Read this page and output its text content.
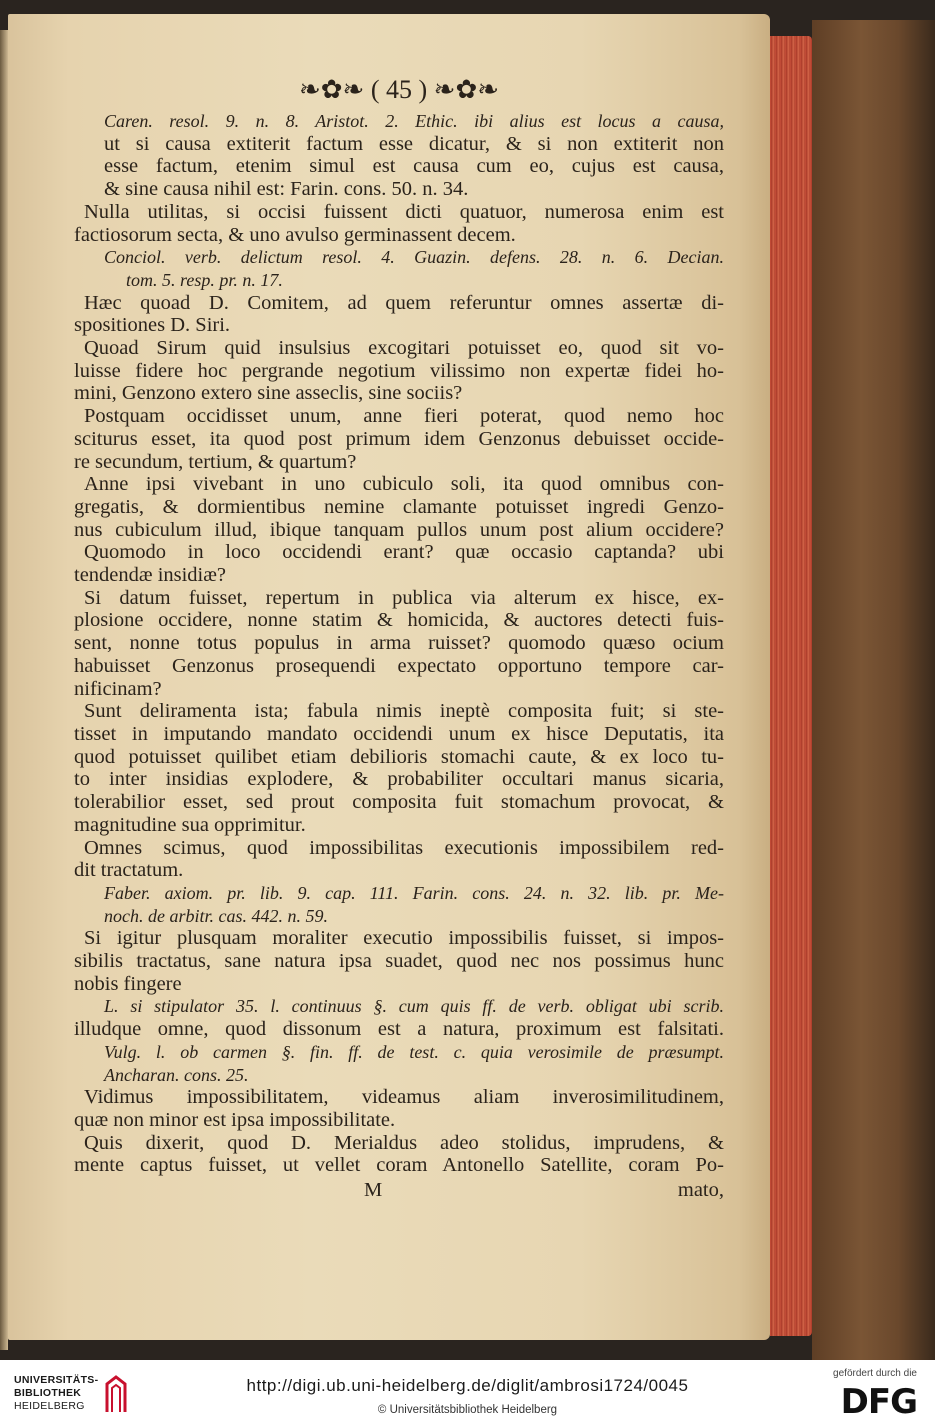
❧✿❧ ( 45 ) ❧✿❧
Caren. resol. 9. n. 8. Aristot. 2. Ethic. ibi alius est locus a causa,
ut si causa extiterit factum esse dicatur, & si non extiterit non
esse factum, etenim simul est causa cum eo, cujus est causa,
& sine causa nihil est: Farin. cons. 50. n. 34.
Nulla utilitas, si occisi fuissent dicti quatuor, numerosa enim est
factiosorum secta, & uno avulso germinassent decem.
Conciol. verb. delictum resol. 4. Guazin. defens. 28. n. 6. Decian.
tom. 5. resp. pr. n. 17.
Hæc quoad D. Comitem, ad quem referuntur omnes assertæ di-
spositiones D. Siri.
Quoad Sirum quid insulsius excogitari potuisset eo, quod sit vo-
luisse fidere hoc pergrande negotium vilissimo non expertæ fidei ho-
mini, Genzono extero sine asseclis, sine sociis?
Postquam occidisset unum, anne fieri poterat, quod nemo hoc
sciturus esset, ita quod post primum idem Genzonus debuisset occide-
re secundum, tertium, & quartum?
Anne ipsi vivebant in uno cubiculo soli, ita quod omnibus con-
gregatis, & dormientibus nemine clamante potuisset ingredi Genzo-
nus cubiculum illud, ibique tanquam pullos unum post alium occidere?
Quomodo in loco occidendi erant? quæ occasio captanda? ubi
tendendæ insidiæ?
Si datum fuisset, repertum in publica via alterum ex hisce, ex-
plosione occidere, nonne statim & homicida, & auctores detecti fuis-
sent, nonne totus populus in arma ruisset? quomodo quæso ocium
habuisset Genzonus prosequendi expectato opportuno tempore car-
nificinam?
Sunt deliramenta ista; fabula nimis ineptè composita fuit; si ste-
tisset in imputando mandato occidendi unum ex hisce Deputatis, ita
quod potuisset quilibet etiam debilioris stomachi caute, & ex loco tu-
to inter insidias explodere, & probabiliter occultari manus sicaria,
tolerabilior esset, sed prout composita fuit stomachum provocat, &
magnitudine sua opprimitur.
Omnes scimus, quod impossibilitas executionis impossibilem red-
dit tractatum.
Faber. axiom. pr. lib. 9. cap. 111. Farin. cons. 24. n. 32. lib. pr. Me-
noch. de arbitr. cas. 442. n. 59.
Si igitur plusquam moraliter executio impossibilis fuisset, si impos-
sibilis tractatus, sane natura ipsa suadet, quod nec nos possimus hunc
nobis fingere
L. si stipulator 35. l. continuus §. cum quis ff. de verb. obligat ubi scrib.
illudque omne, quod dissonum est a natura, proximum est falsitati.
Vulg. l. ob carmen §. fin. ff. de test. c. quia verosimile de præsumpt.
Ancharan. cons. 25.
Vidimus impossibilitatem, videamus aliam inverosimilitudinem,
quæ non minor est ipsa impossibilitate.
Quis dixerit, quod D. Merialdus adeo stolidus, imprudens, &
mente captus fuisset, ut vellet coram Antonello Satellite, coram Po-
M	mato,
UNIVERSITÄTS-
BIBLIOTHEK
HEIDELBERG
http://digi.ub.uni-heidelberg.de/diglit/ambrosi1724/0045
© Universitätsbibliothek Heidelberg
gefördert durch die
DFG
